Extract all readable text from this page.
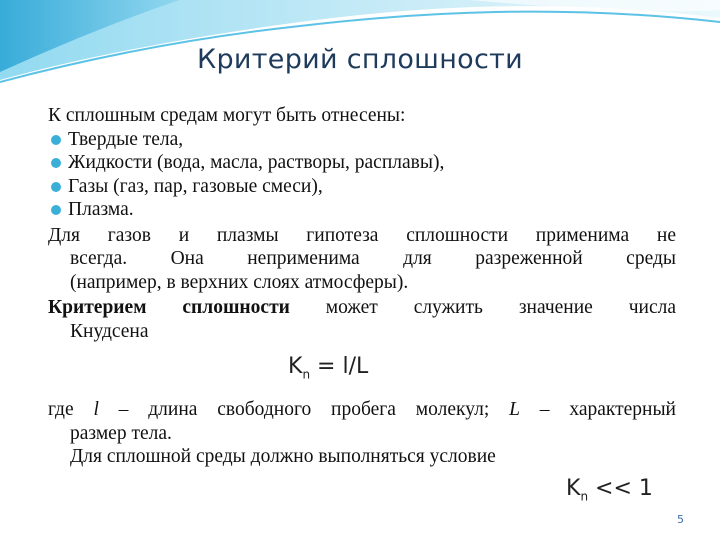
Критерий сплошности
К сплошным средам могут быть отнесены:
Твердые тела,
Жидкости (вода, масла, растворы, расплавы),
Газы (газ, пар, газовые смеси),
Плазма.
Для газов и плазмы гипотеза сплошности применима не
всегда. Она неприменима для разреженной среды
(например, в верхних слоях атмосферы).
Критерием сплошности может служить значение числа
Кнудсена
$K_n = l/L$
где l – длина свободного пробега молекул; L – характерный
размер тела.
Для сплошной среды должно выполняться условие
$K_n << 1$
5
